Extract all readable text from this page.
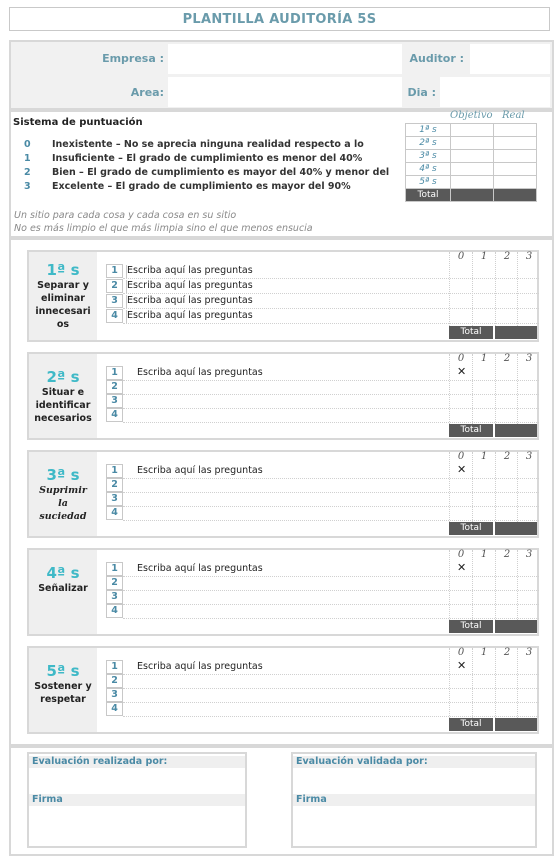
PLANTILLA AUDITORÍA 5S
Empresa :	Auditor :
Area:	Dia :
Sistema de puntuación
0 Inexistente – No se aprecia ninguna realidad respecto a lo
1 Insuficiente – El grado de cumplimiento es menor del 40%
2 Bien – El grado de cumplimiento es mayor del 40% y menor del
3 Excelente – El grado de cumplimiento es mayor del 90%
Un sitio para cada cosa y cada cosa en su sitio
No es más limpio el que más limpia sino el que menos ensucia
Objetivo Real
1ª s		
2ª s		
3ª s		
4ª s		
5ª s		
Total		
1ª s
Separar y
eliminar
innecesari
os
0	1	2	3
1 Escriba aquí las preguntas
2 Escriba aquí las preguntas
3 Escriba aquí las preguntas
4 Escriba aquí las preguntas
Total
2ª s
Situar e
identificar
necesarios
0	1	2	3
1	Escriba aquí las preguntas	✕
2
3
4
Total
3ª s
Suprimir
la
suciedad
0	1	2	3
1	Escriba aquí las preguntas	✕
2
3
4
Total
4ª s
Señalizar
0	1	2	3
1	Escriba aquí las preguntas	✕
2
3
4
Total
5ª s
Sostener y
respetar
0	1	2	3
1	Escriba aquí las preguntas	✕
2
3
4
Total
Evaluación realizada por:
Firma
Evaluación validada por:
Firma
